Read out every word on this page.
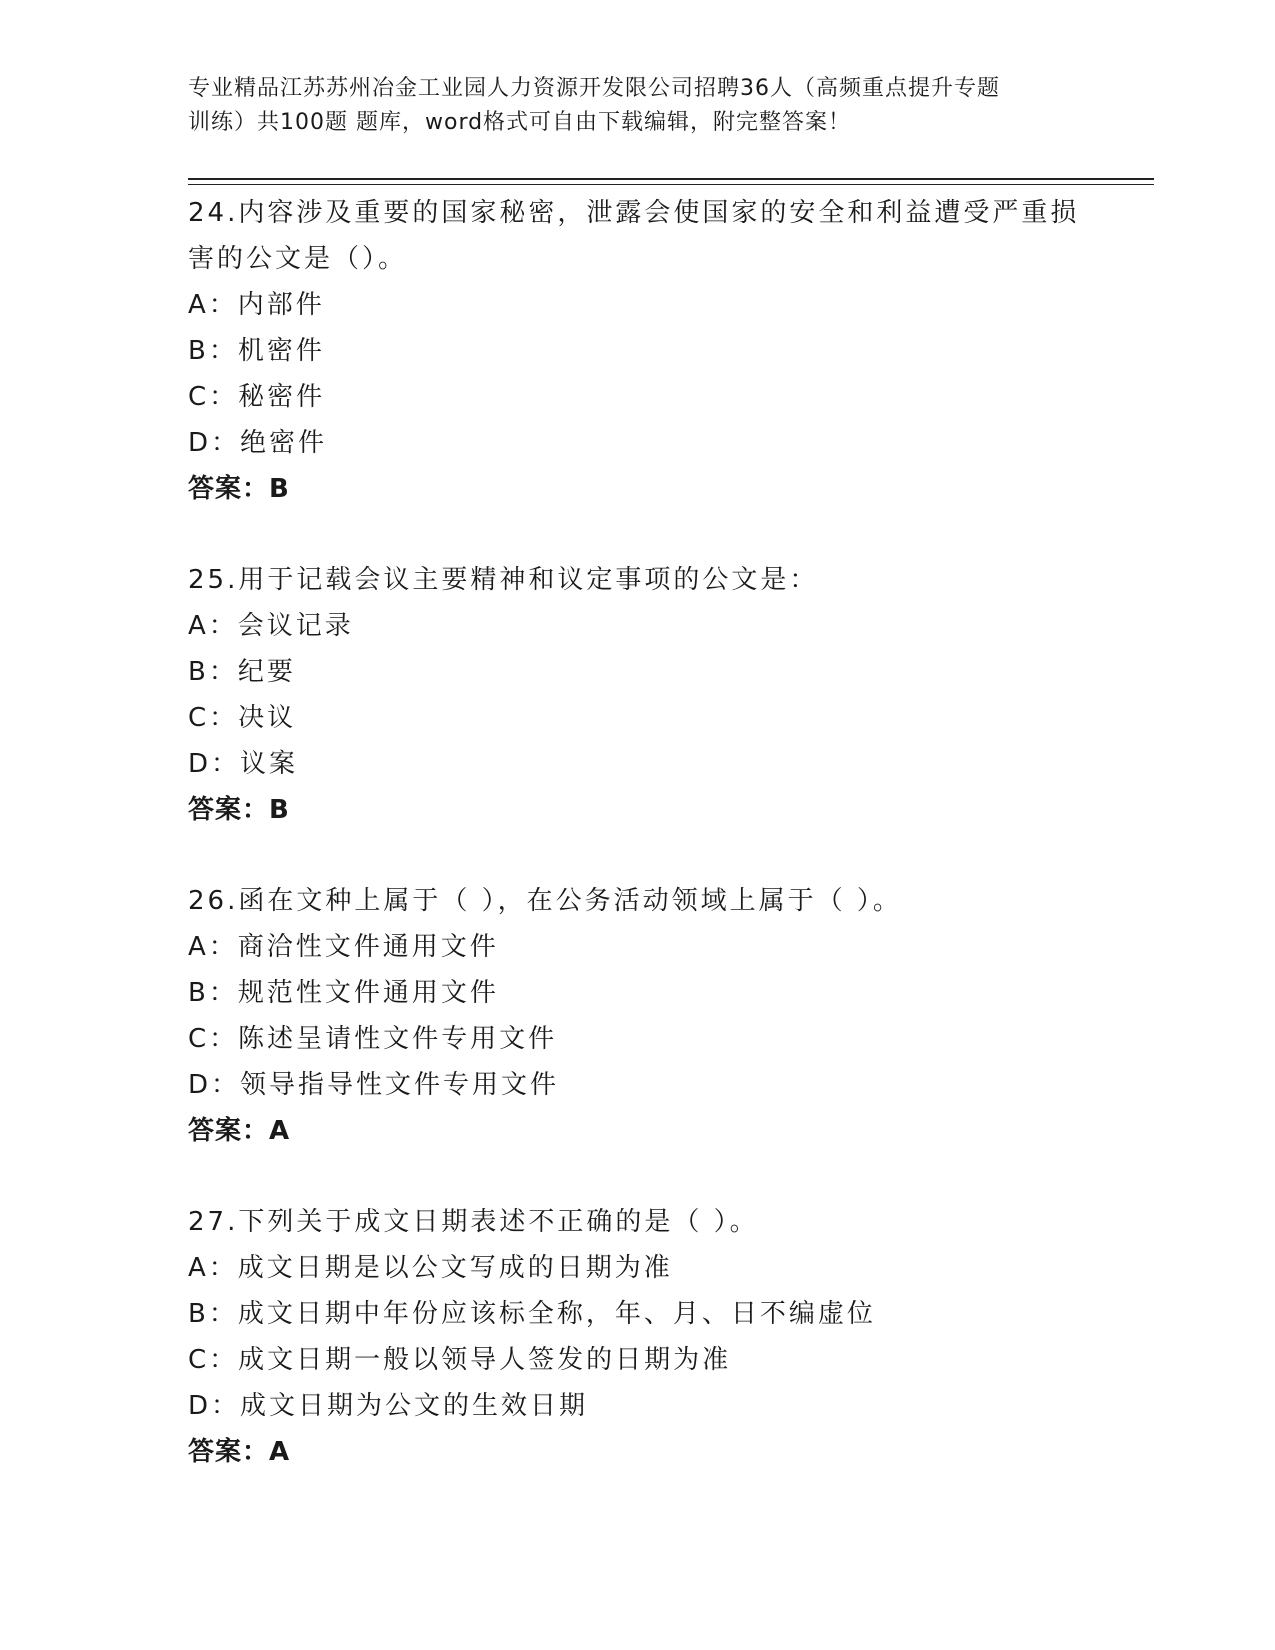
专业精品江苏苏州冶金工业园人力资源开发限公司招聘36人（高频重点提升专题
训练）共100题 题库，word格式可自由下载编辑，附完整答案！
24.内容涉及重要的国家秘密，泄露会使国家的安全和利益遭受严重损
害的公文是（）。
A：内部件
B：机密件
C：秘密件
D：绝密件
答案：B
25.用于记载会议主要精神和议定事项的公文是：
A：会议记录
B：纪要
C：决议
D：议案
答案：B
26.函在文种上属于（ ），在公务活动领域上属于（ ）。
A：商洽性文件通用文件
B：规范性文件通用文件
C：陈述呈请性文件专用文件
D：领导指导性文件专用文件
答案：A
27.下列关于成文日期表述不正确的是（ ）。
A：成文日期是以公文写成的日期为准
B：成文日期中年份应该标全称，年、月、日不编虚位
C：成文日期一般以领导人签发的日期为准
D：成文日期为公文的生效日期
答案：A
